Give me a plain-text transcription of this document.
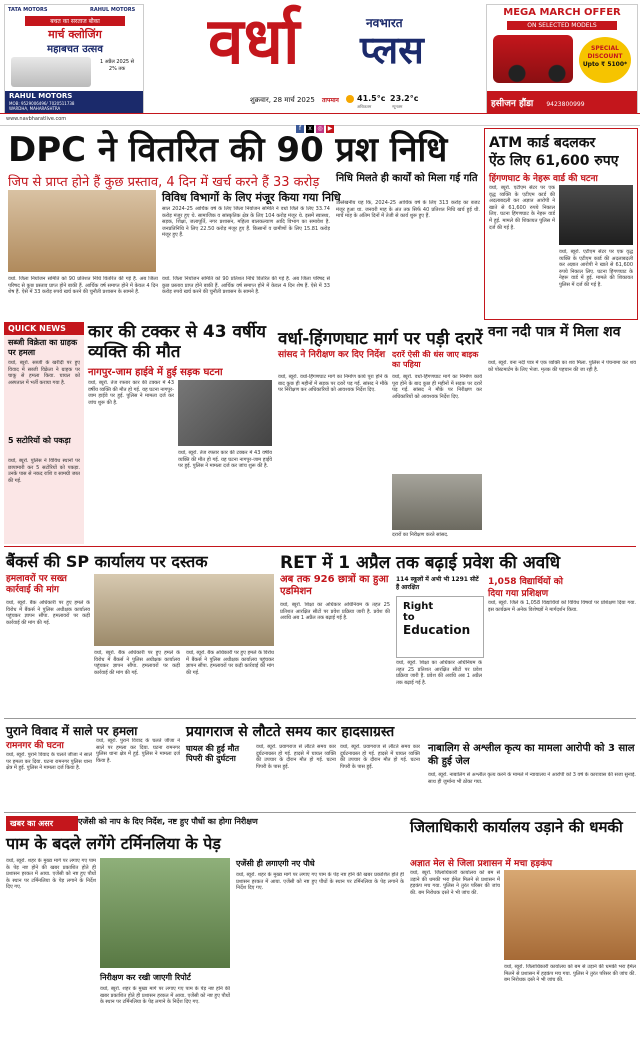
TATA MOTORS	RAHUL MOTORS
बचत का सरताज बौका
मार्च क्लोजिंग
महाबचत उत्सव
1 अप्रैल 2025 से 2% तक
RAHUL MOTORS
MOB: 9529006496/ 7020511738
WARDHA, MAHARASHTRA
वर्धा	नवभारत
प्लस
शुक्रवार, 28 मार्च 2025 तापमान 41.5°c
अधिकतम
23.2°c
न्यूनतम
MEGA MARCH OFFER
ON SELECTED MODELS
SPECIAL DISCOUNT
Upto ₹ 5100*
हसीजन हौंडा 9423800999
www.navbharatlive.com
f x ◎ ▶
DPC ने वितरित की 90 प्रश निधि
जिप से प्राप्त होने हैं कुछ प्रस्ताव, 4 दिन में खर्च करने हैं 33 करोड़
वर्धा. जिला नियोजन समिति को 90 प्रतिशत निधि वितरित की गई है. अब जिला परिषद से कुछ प्रस्ताव प्राप्त होने बाकी हैं. आर्थिक वर्ष समाप्त होने में केवल 4 दिन शेष हैं. ऐसे में 33 करोड़ रुपये खर्च करने की चुनौती प्रशासन के सामने है.
विविध विभागों के लिए मंजूर किया गया निधि
साल 2024-25 आर्थिक वर्ष के लिए जिला नियोजन समिति ने वर्धा जिले के लिए 33.74 करोड़ मंजूर हुए थे. सामाजिक व सांस्कृतिक क्षेत्र के लिए 104 करोड़ मंजूर थे. इसमें स्वास्थ्य, सड़क, शिक्षा, जलापूर्ति, नगर प्रशासन, महिला बालकल्याण आदि विभाग का समावेश है. जनप्रतिनिधि ने लिए 22.50 करोड़ मंजूर हुए हैं. किसानों व ग्रामीणों के लिए 15.81 करोड़ मंजूर हुए हैं.
वर्धा. जिला नियोजन समिति को 90 प्रतिशत निधि वितरित की गई है. अब जिला परिषद से कुछ प्रस्ताव प्राप्त होने बाकी हैं. आर्थिक वर्ष समाप्त होने में केवल 4 दिन शेष हैं. ऐसे में 33 करोड़ रुपये खर्च करने की चुनौती प्रशासन के सामने है.
निधि मिलते ही कार्यों को मिला गई गति
उल्लेखनीय यह कि, 2024-25 आर्थिक वर्ष के लिए 313 करोड़ का बजट मंजूर हुआ था. जनवरी माह के अंत तक सिर्फ 40 प्रतिशत निधि खर्च हुई थी. मार्च माह के अंतिम दिनों में तेजी से कार्य शुरू हुए हैं.
ATM कार्ड बदलकर
ऐंठ लिए 61,600 रुपए
हिंगणघाट के नेहरू वार्ड की घटना
वर्धा, ब्यूरो. एटीएम सेंटर पर एक वृद्ध व्यक्ति के एटीएम कार्ड की अदलाबदली कर अज्ञात आरोपी ने खाते से 61,600 रुपये निकाल लिए. घटना हिंगणघाट के नेहरू वार्ड में हुई. मामले की शिकायत पुलिस में दर्ज की गई है.
वर्धा, ब्यूरो. एटीएम सेंटर पर एक वृद्ध व्यक्ति के एटीएम कार्ड की अदलाबदली कर अज्ञात आरोपी ने खाते से 61,600 रुपये निकाल लिए. घटना हिंगणघाट के नेहरू वार्ड में हुई. मामले की शिकायत पुलिस में दर्ज की गई है.
QUICK NEWS
सब्जी विक्रेता का ग्राहक पर हमला
वर्धा, ब्यूरो. सब्जी के खरीदी पर हुए विवाद में सब्जी विक्रेता ने ग्राहक पर चाकू से हमला किया. घायल को अस्पताल में भर्ती कराया गया है.
5 सटोरियों को पकड़ा
वर्धा, ब्यूरो. पुलिस ने विविध स्थानों पर छापामारी कर 5 सटोरियों को पकड़ा. उनके पास से नकद राशि व सामग्री जब्त की गई.
कार की टक्कर से 43 वर्षीय व्यक्ति की मौत
नागपुर-जाम हाईवे में हुई सड़क घटना
वर्धा, ब्यूरो. तेज रफ्तार कार की टक्कर में 43 वर्षीय व्यक्ति की मौत हो गई. यह घटना नागपुर-जाम हाईवे पर हुई. पुलिस ने मामला दर्ज कर जांच शुरू की है.
वर्धा, ब्यूरो. तेज रफ्तार कार की टक्कर में 43 वर्षीय व्यक्ति की मौत हो गई. यह घटना नागपुर-जाम हाईवे पर हुई. पुलिस ने मामला दर्ज कर जांच शुरू की है.
वर्धा-हिंगणघाट मार्ग पर पड़ी दरारें
सांसद ने निरीक्षण कर दिए निर्देश
वर्धा, ब्यूरो. वर्धा-हिंगणघाट मार्ग का निर्माण कार्य पूरा होने के बाद कुछ ही महीनों में सड़क पर दरारें पड़ गईं. सांसद ने मौके पर निरीक्षण कर अधिकारियों को आवश्यक निर्देश दिए.
दरारें ऐसी की धंस जाए बाइक का पहिया
वर्धा, ब्यूरो. वर्धा-हिंगणघाट मार्ग का निर्माण कार्य पूरा होने के बाद कुछ ही महीनों में सड़क पर दरारें पड़ गईं. सांसद ने मौके पर निरीक्षण कर अधिकारियों को आवश्यक निर्देश दिए.
दरारों का निरीक्षण करते सांसद.
वना नदी पात्र में मिला शव
वर्धा, ब्यूरो. वना नदी पात्र में एक व्यक्ति का शव मिला. पुलिस ने पंचनामा कर शव को पोस्टमार्टम के लिए भेजा. मृतक की पहचान की जा रही है.
बैंकर्स की SP कार्यालय पर दस्तक
हमलावरों पर सख्त कार्रवाई की मांग
वर्धा, ब्यूरो. बैंक अधिकारी पर हुए हमले के विरोध में बैंकर्स ने पुलिस अधीक्षक कार्यालय पहुंचकर ज्ञापन सौंपा. हमलावरों पर कड़ी कार्रवाई की मांग की गई.
वर्धा, ब्यूरो. बैंक अधिकारी पर हुए हमले के विरोध में बैंकर्स ने पुलिस अधीक्षक कार्यालय पहुंचकर ज्ञापन सौंपा. हमलावरों पर कड़ी कार्रवाई की मांग की गई.
वर्धा, ब्यूरो. बैंक अधिकारी पर हुए हमले के विरोध में बैंकर्स ने पुलिस अधीक्षक कार्यालय पहुंचकर ज्ञापन सौंपा. हमलावरों पर कड़ी कार्रवाई की मांग की गई.
RET में 1 अप्रैल तक बढ़ाई प्रवेश की अवधि
अब तक 926 छात्रों का हुआ एडमिशन
वर्धा, ब्यूरो. शिक्षा का अधिकार अधिनियम के तहत 25 प्रतिशत आरक्षित सीटों पर प्रवेश प्रक्रिया जारी है. प्रवेश की अवधि अब 1 अप्रैल तक बढ़ाई गई है.
114 स्कूलों में अभी भी 1291 सीटें हैं आरक्षित
Right
to
Education
वर्धा, ब्यूरो. शिक्षा का अधिकार अधिनियम के तहत 25 प्रतिशत आरक्षित सीटों पर प्रवेश प्रक्रिया जारी है. प्रवेश की अवधि अब 1 अप्रैल तक बढ़ाई गई है.
1,058 विद्यार्थियों को
दिया गया प्रशिक्षण
वर्धा, ब्यूरो. जिले के 1,058 विद्यार्थियों को विविध विषयों पर प्रशिक्षण दिया गया. इस कार्यक्रम में अनेक विशेषज्ञों ने मार्गदर्शन किया.
पुराने विवाद में साले पर हमला
रामनगर की घटना
वर्धा, ब्यूरो. पुराने विवाद के चलते जीजा ने साले पर हमला कर दिया. घटना रामनगर पुलिस थाना क्षेत्र में हुई. पुलिस ने मामला दर्ज किया है.
वर्धा, ब्यूरो. पुराने विवाद के चलते जीजा ने साले पर हमला कर दिया. घटना रामनगर पुलिस थाना क्षेत्र में हुई. पुलिस ने मामला दर्ज किया है.
प्रयागराज से लौटते समय कार हादसाग्रस्त
घायल की हुई मौत पिपरी की दुर्घटना
वर्धा, ब्यूरो. प्रयागराज से लौटते समय कार दुर्घटनाग्रस्त हो गई. हादसे में घायल व्यक्ति की उपचार के दौरान मौत हो गई. घटना पिपरी के पास हुई.
वर्धा, ब्यूरो. प्रयागराज से लौटते समय कार दुर्घटनाग्रस्त हो गई. हादसे में घायल व्यक्ति की उपचार के दौरान मौत हो गई. घटना पिपरी के पास हुई.
नाबालिग से अश्लील कृत्य का मामला आरोपी को 3 साल की हुई जेल
वर्धा, ब्यूरो. नाबालिग से अश्लील कृत्य करने के मामले में न्यायालय ने आरोपी को 3 वर्ष के कारावास की सजा सुनाई. साथ ही जुर्माना भी ठोका गया.
खबर का असर	एजेंसी को नाप के दिए निर्देश, नष्ट हुए पौधों का होगा निरीक्षण
पाम के बदले लगेंगे टर्मिनलिया के पेड़
वर्धा, ब्यूरो. शहर के मुख्य मार्ग पर लगाए गए पाम के पेड़ नष्ट होने की खबर प्रकाशित होते ही प्रशासन हरकत में आया. एजेंसी को नष्ट हुए पौधों के स्थान पर टर्मिनलिया के पेड़ लगाने के निर्देश दिए गए.
निरीक्षण कर रखी जाएगी रिपोर्ट
वर्धा, ब्यूरो. शहर के मुख्य मार्ग पर लगाए गए पाम के पेड़ नष्ट होने की खबर प्रकाशित होते ही प्रशासन हरकत में आया. एजेंसी को नष्ट हुए पौधों के स्थान पर टर्मिनलिया के पेड़ लगाने के निर्देश दिए गए.
एजेंसी ही लगाएगी नए पौधे
वर्धा, ब्यूरो. शहर के मुख्य मार्ग पर लगाए गए पाम के पेड़ नष्ट होने की खबर प्रकाशित होते ही प्रशासन हरकत में आया. एजेंसी को नष्ट हुए पौधों के स्थान पर टर्मिनलिया के पेड़ लगाने के निर्देश दिए गए.
जिलाधिकारी कार्यालय उड़ाने की धमकी
अज्ञात मेल से जिला प्रशासन में मचा हड़कंप
वर्धा, ब्यूरो. जिलाधिकारी कार्यालय को बम से उड़ाने की धमकी भरा ईमेल मिलने से प्रशासन में हड़कंप मच गया. पुलिस ने तुरंत परिसर की जांच की. बम निरोधक दस्ते ने भी जांच की.
वर्धा, ब्यूरो. जिलाधिकारी कार्यालय को बम से उड़ाने की धमकी भरा ईमेल मिलने से प्रशासन में हड़कंप मच गया. पुलिस ने तुरंत परिसर की जांच की. बम निरोधक दस्ते ने भी जांच की.
